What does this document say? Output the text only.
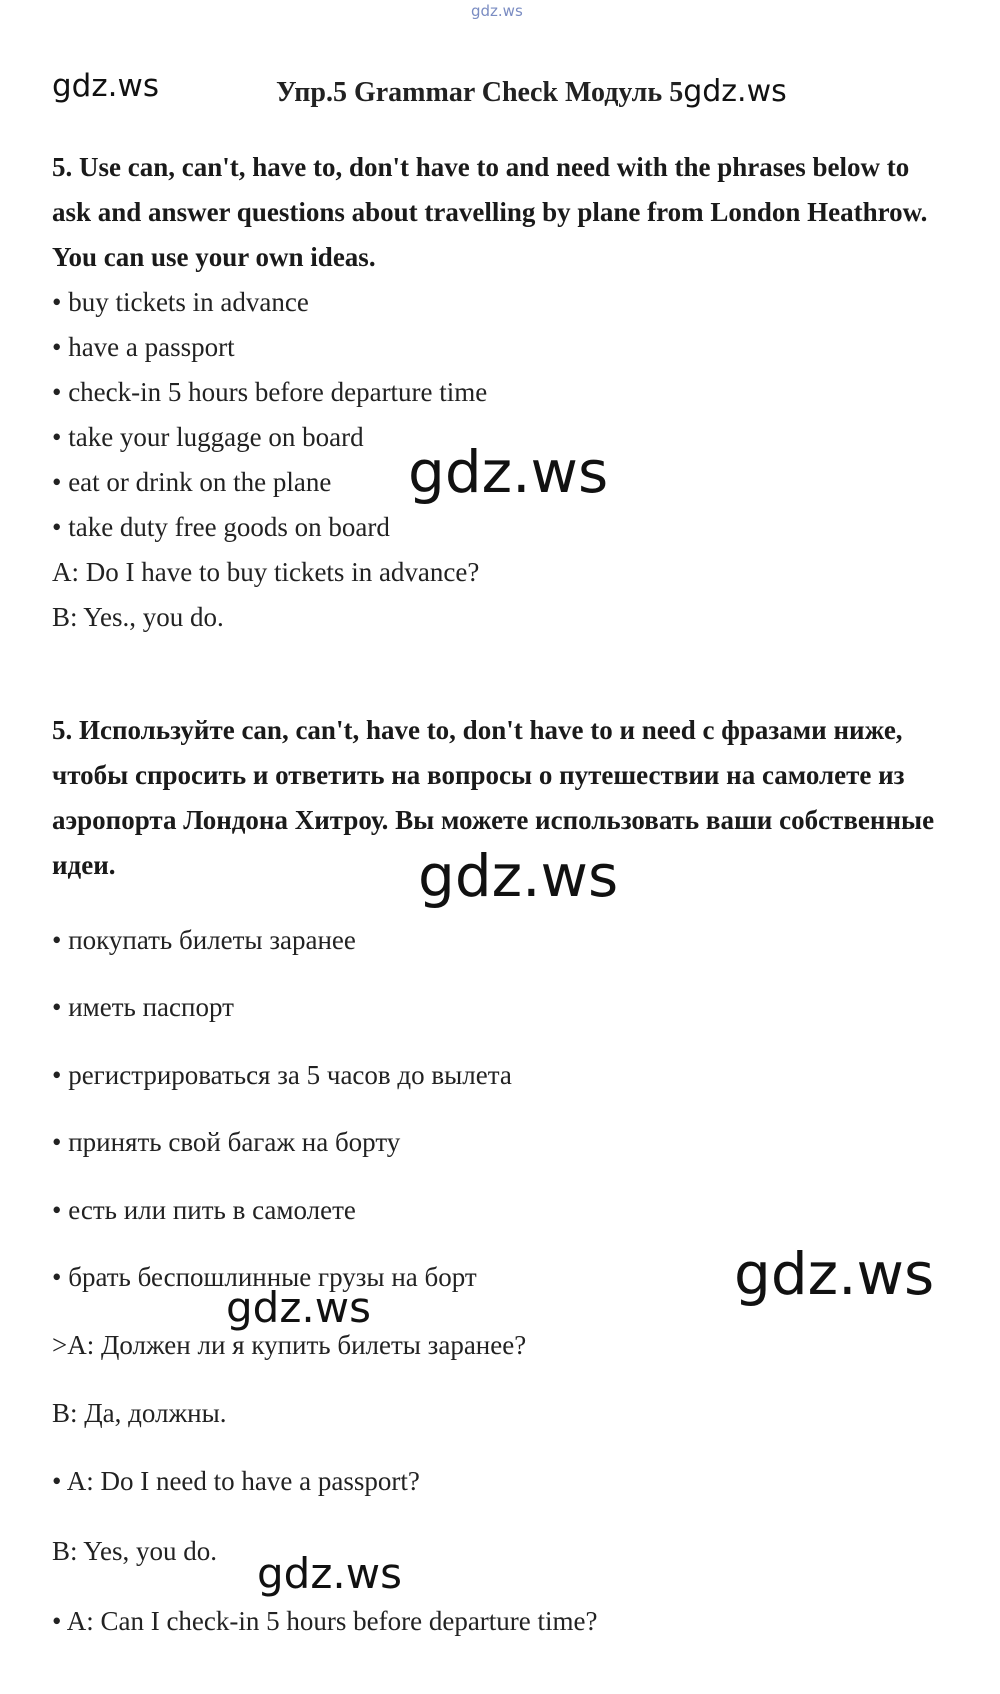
gdz.ws
gdz.ws	Упр.5 Grammar Check Модуль 5gdz.ws
5. Use can, can't, have to, don't have to and need with the phrases below to ask and answer questions about travelling by plane from London Heathrow. You can use your own ideas.
• buy tickets in advance
• have a passport
• check-in 5 hours before departure time
• take your luggage on board
• eat or drink on the plane
• take duty free goods on board
A: Do I have to buy tickets in advance?
B: Yes., you do.
gdz.ws
5. Используйте can, can't, have to, don't have to и need с фразами ниже, чтобы спросить и ответить на вопросы о путешествии на самолете из аэропорта Лондона Хитроу. Вы можете использовать ваши собственные идеи.	gdz.ws
• покупать билеты заранее
• иметь паспорт
• регистрироваться за 5 часов до вылета
• принять свой багаж на борту
• есть или пить в самолете
• брать беспошлинные грузы на борт	gdz.ws
gdz.ws
>А: Должен ли я купить билеты заранее?
В: Да, должны.
• A: Do I need to have a passport?
B: Yes, you do. gdz.ws
• A: Can I check-in 5 hours before departure time?
